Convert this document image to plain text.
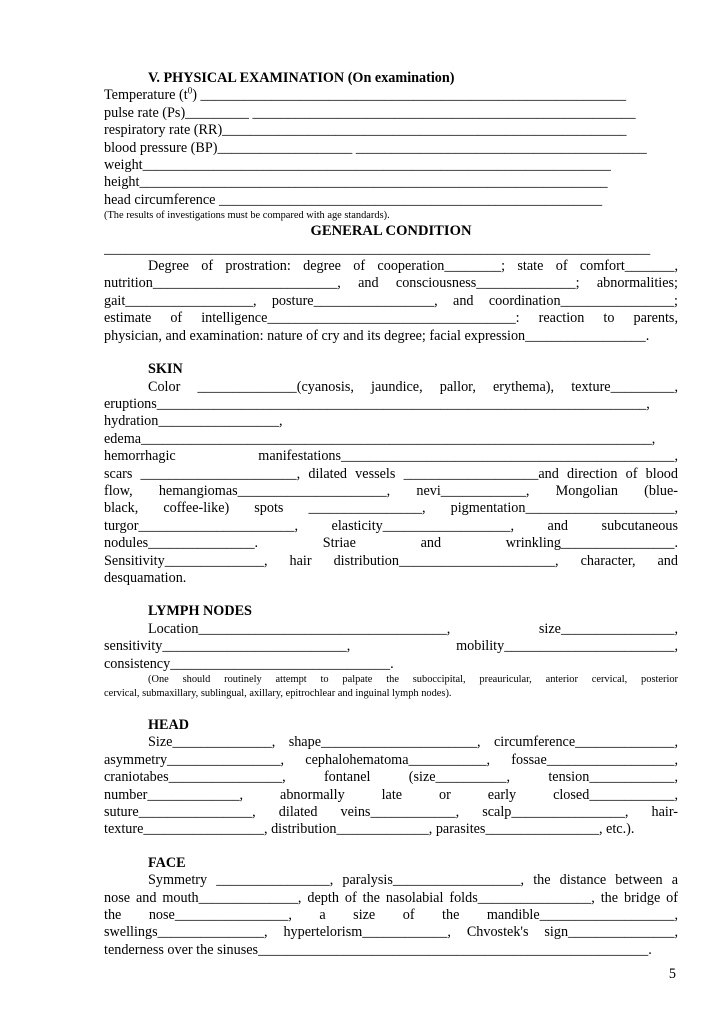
V. PHYSICAL EXAMINATION (On examination)

Temperature $(t^0)$ ____________________________________________________________

pulse rate (Ps)_________ ______________________________________________________

respiratory rate (RR)_________________________________________________________

blood pressure (BP)___________________ _________________________________________

weight__________________________________________________________________

height__________________________________________________________________

head circumference ______________________________________________________

(The results of investigations must be compared with age standards).

GENERAL CONDITION

_____________________________________________________________________________

Degree of prostration: degree of cooperation________; state of comfort_______,

nutrition__________________________, and consciousness______________; abnormalities;

gait__________________, posture_________________, and coordination________________;

estimate of intelligence___________________________________: reaction to parents,

physician, and examination: nature of cry and its degree; facial expression_________________.

SKIN

Color ______________(cyanosis, jaundice, pallor, erythema), texture_________,

eruptions_____________________________________________________________________,

hydration_________________,

edema________________________________________________________________________,

hemorrhagic manifestations_______________________________________________,

scars ______________________, dilated vessels ___________________and direction of blood

flow, hemangiomas_____________________, nevi____________, Mongolian (blue-

black, coffee-like) spots ________________, pigmentation_____________________,

turgor______________________, elasticity__________________, and subcutaneous

nodules_______________. Striae and wrinkling________________.

Sensitivity______________, hair distribution______________________, character, and

desquamation.

LYMPH NODES

Location___________________________________, size________________,

sensitivity__________________________, mobility________________________,

consistency_______________________________.

(One should routinely attempt to palpate the suboccipital, preauricular, anterior cervical, posterior

cervical, submaxillary, sublingual, axillary, epitrochlear and inguinal lymph nodes).

HEAD

Size______________, shape______________________, circumference______________,

asymmetry________________, cephalohematoma___________, fossae__________________,

craniotabes________________, fontanel (size__________, tension____________,

number_____________, abnormally late or early closed____________,

suture________________, dilated veins____________, scalp________________, hair-

texture_________________, distribution_____________, parasites________________, etc.).

FACE

Symmetry ________________, paralysis__________________, the distance between a

nose and mouth______________, depth of the nasolabial folds________________, the bridge of

the nose________________, a size of the mandible___________________,

swellings_______________, hypertelorism____________, Chvostek's sign_______________,

tenderness over the sinuses_______________________________________________________.

5
